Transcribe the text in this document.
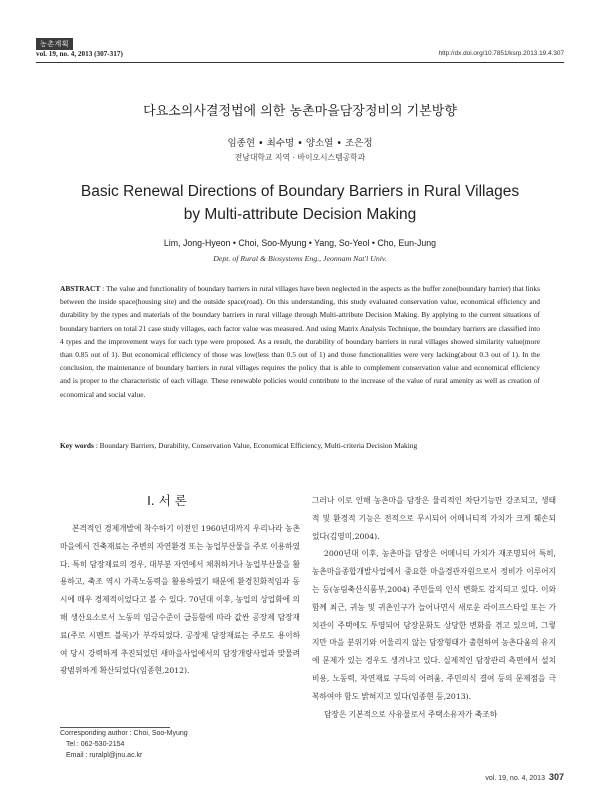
농촌계획
vol. 19, no. 4, 2013 (307-317)	http://dx.doi.org/10.7851/ksrp.2013.19.4.307
다요소의사결정법에 의한 농촌마을담장정비의 기본방향
임종현 • 최수명 • 양소열 • 조은정
전남대학교 지역 · 바이오시스템공학과
Basic Renewal Directions of Boundary Barriers in Rural Villages
by Multi-attribute Decision Making
Lim, Jong-Hyeon • Choi, Soo-Myung • Yang, So-Yeol • Cho, Eun-Jung
Dept. of Rural & Biosystems Eng., Jeonnam Nat'l Univ.
ABSTRACT : The value and functionality of boundary barriers in rural villages have been neglected in the aspects as the buffer zone(boundary barrier) that links between the inside space(housing site) and the outside space(road). On this understanding, this study evaluated conservation value, economical efficiency and durability by the types and materials of the boundary barriers in rural village through Multi-attribute Decision Making. By applying to the current situations of boundary barriers on total 21 case study villages, each factor value was measured. And using Matrix Analysis Technique, the boundary barriers are classified into 4 types and the improvement ways for each type were proposed. As a result, the durability of boundary barriers in rural villages showed similarity value(more than 0.85 out of 1). But economical efficiency of those was low(less than 0.5 out of 1) and those functionalities were very lacking(about 0.3 out of 1). In the conclusion, the maintenance of boundary barriers in rural villages requires the policy that is able to complement conservation value and economical efficiency and is proper to the characteristic of each village. These renewable policies would contribute to the increase of the value of rural amenity as well as creation of economical and social value.
Key words : Boundary Barriers, Durability, Conservation Value, Economical Efficiency, Multi-criteria Decision Making
I. 서 론

본격적인 경제개발에 착수하기 이전인 1960년대까지 우리나라 농촌마을에서 건축재료는 주변의 자연환경 또는 농업부산물을 주로 이용하였다. 특히 담장재료의 경우, 대부분 자연에서 채취하거나 농업부산물을 활용하고, 축조 역시 가족노동력을 활용하였기 때문에 환경친화적임과 동시에 매우 경제적이었다고 볼 수 있다. 70년대 이후, 농업의 상업화에 의해 생산요소로서 노동의 임금수준이 급등함에 따라 값싼 공장제 담장재료(주로 시멘트 블록)가 부각되었다. 공장제 담장재료는 주로도 용이하여 당시 강력하게 추진되었던 새마을사업에서의 담장개량사업과 맞물려 광범위하게 확산되었다(임종현,2012).

그러나 이로 인해 농촌마을 담장은 물리적인 차단기능만 강조되고, 생태적 및 환경적 기능은 전적으로 무시되어 어메니티적 가치가 크게 훼손되었다(김영미,2004).

2000년대 이후, 농촌마을 담장은 어메니티 가치가 재조명되어 특히, 농촌마을종합개발사업에서 중요한 마을경관자원으로서 정비가 이루어지는 등(농림축산식품부,2004) 주민들의 인식 변화도 감지되고 있다. 이와 함께 최근, 귀농 및 귀촌인구가 늘어나면서 새로운 라이프스타일 또는 가치관이 주택에도 투영되어 담장문화도 상당한 변화를 겪고 있으며, 그렇지만 마을 분위기와 어울리지 않는 담장형태가 출현하여 농촌다움의 유지에 문제가 있는 경우도 생겨나고 있다. 실제적인 담장관리 측면에서 설치비용, 노동력, 자연재료 구득의 어려움, 주민의식 결여 등의 문제점을 극복하여야 함도 밝혀지고 있다(임종현 등,2013).

담장은 기본적으로 사유물로서 주택소유자가 축조하

Corresponding author : Choi, Soo-Myung
Tel : 062-530-2154
Email : ruralpl@jnu.ac.kr
vol. 19, no. 4, 2013 307
